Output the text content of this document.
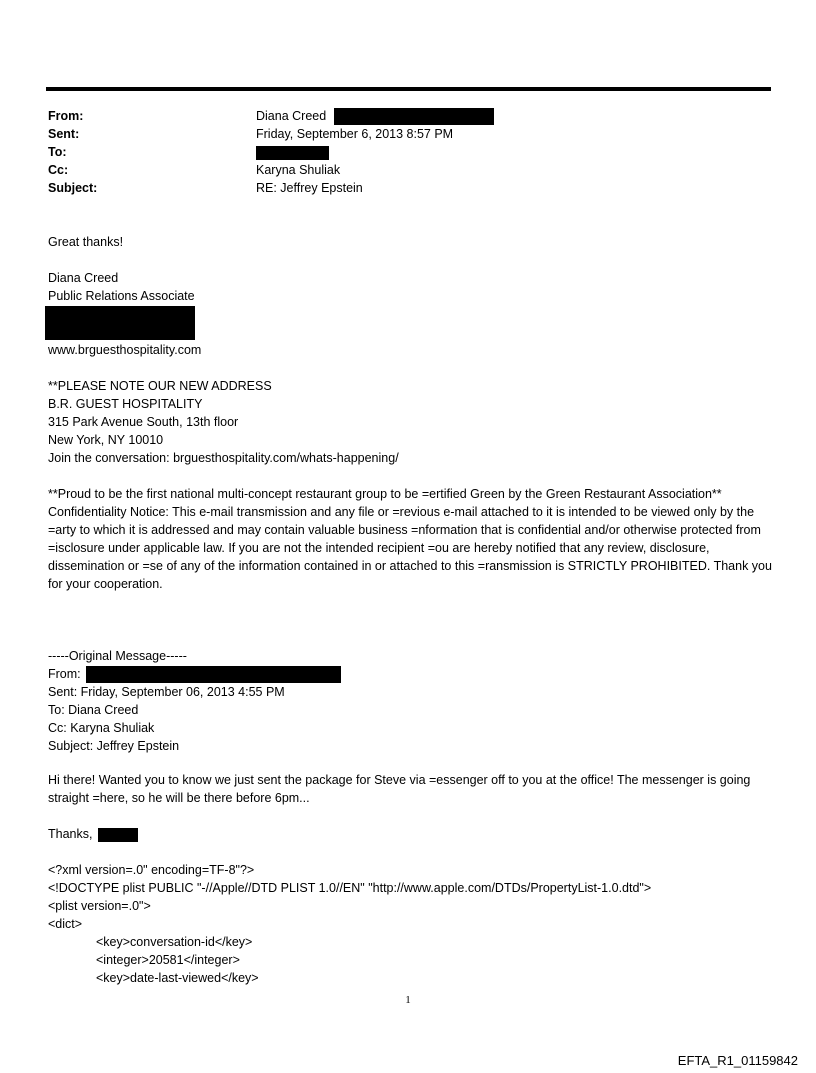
From:	Diana Creed
Sent:	Friday, September 6, 2013 8:57 PM
To:
Cc:	Karyna Shuliak
Subject:	RE: Jeffrey Epstein
Great thanks!
Diana Creed
Public Relations Associate
www.brguesthospitality.com
**PLEASE NOTE OUR NEW ADDRESS
B.R. GUEST HOSPITALITY
315 Park Avenue South, 13th floor
New York, NY 10010
Join the conversation: brguesthospitality.com/whats-happening/
**Proud to be the first national multi-concept restaurant group to be =ertified Green by the Green Restaurant Association** Confidentiality Notice: This e-mail transmission and any file or =revious e-mail attached to it is intended to be viewed only by the =arty to which it is addressed and may contain valuable business =nformation that is confidential and/or otherwise protected from =isclosure under applicable law. If you are not the intended recipient =ou are hereby notified that any review, disclosure, dissemination or =se of any of the information contained in or attached to this =ransmission is STRICTLY PROHIBITED. Thank you for your cooperation.
-----Original Message-----
From:
Sent: Friday, September 06, 2013 4:55 PM
To: Diana Creed
Cc: Karyna Shuliak
Subject: Jeffrey Epstein
Hi there! Wanted you to know we just sent the package for Steve via =essenger off to you at the office! The messenger is going straight =here, so he will be there before 6pm...
Thanks,
<?xml version=.0" encoding=TF-8"?>
<!DOCTYPE plist PUBLIC "-//Apple//DTD PLIST 1.0//EN" "http://www.apple.com/DTDs/PropertyList-1.0.dtd">
<plist version=.0">
<dict>
<key>conversation-id</key>
<integer>20581</integer>
<key>date-last-viewed</key>
1
EFTA_R1_01159842
